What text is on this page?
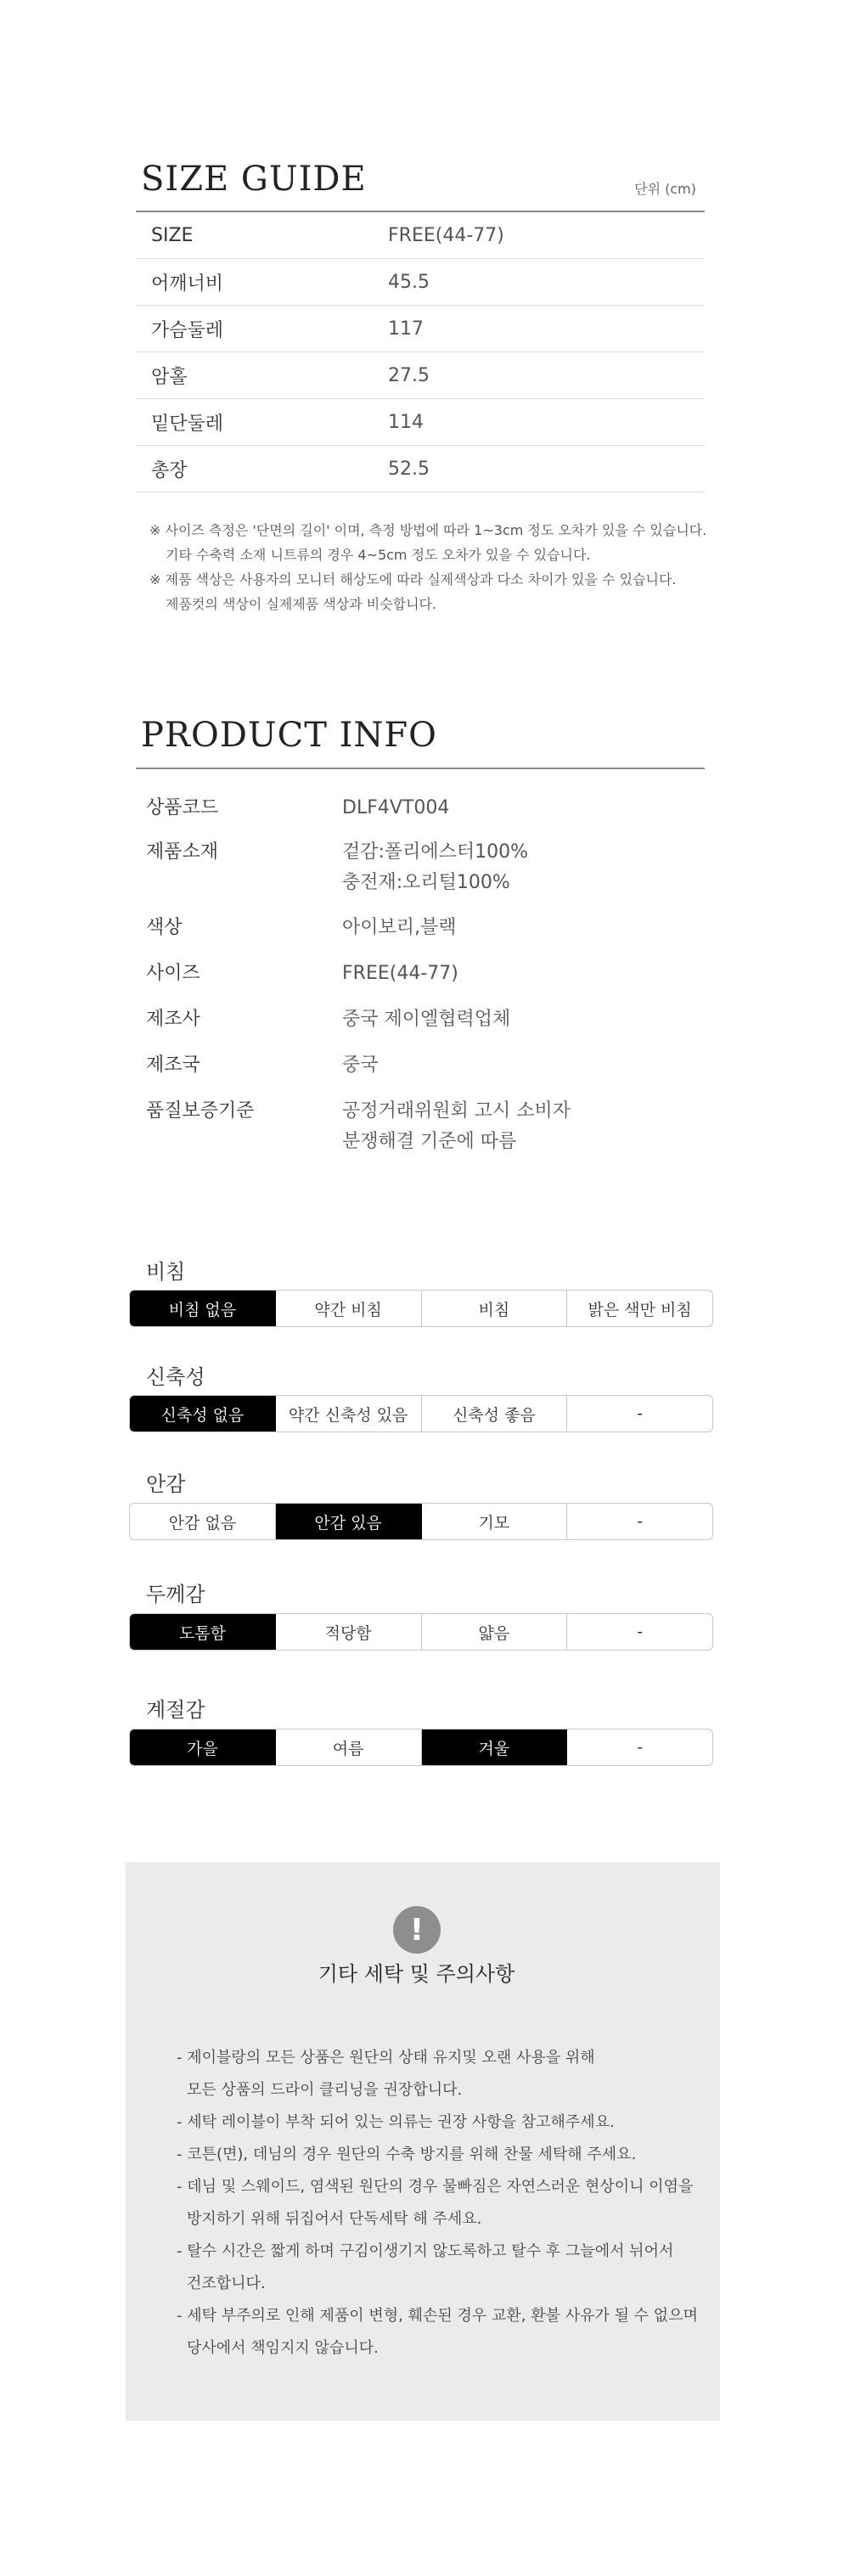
SIZE GUIDE	단위 (cm)
SIZE	FREE(44-77)
어깨너비	45.5
가슴둘레	117
암홀	27.5
밑단둘레	114
총장	52.5
※ 사이즈 측정은 '단면의 길이' 이며, 측정 방법에 따라 1~3cm 정도 오차가 있을 수 있습니다.
기타 수축력 소재 니트류의 경우 4~5cm 정도 오차가 있을 수 있습니다.
※ 제품 색상은 사용자의 모니터 해상도에 따라 실제색상과 다소 차이가 있을 수 있습니다.
제품컷의 색상이 실제제품 색상과 비슷합니다.
PRODUCT INFO
상품코드	DLF4VT004
제품소재	겉감:폴리에스터100%
충전재:오리털100%
색상	아이보리,블랙
사이즈	FREE(44-77)
제조사	중국 제이엘협력업체
제조국	중국
품질보증기준	공정거래위원회 고시 소비자
분쟁해결 기준에 따름
비침
비침 없음	약간 비침	비침	밝은 색만 비침
신축성
신축성 없음	약간 신축성 있음	신축성 좋음	-
안감
안감 없음	안감 있음	기모	-
두께감
도톰함	적당함	얇음	-
계절감
가을	여름	겨울	-
!
기타 세탁 및 주의사항
- 제이블랑의 모든 상품은 원단의 상태 유지및 오랜 사용을 위해
모든 상품의 드라이 클리닝을 권장합니다.
- 세탁 레이블이 부착 되어 있는 의류는 권장 사항을 참고해주세요.
- 코튼(면), 데님의 경우 원단의 수축 방지를 위해 찬물 세탁해 주세요.
- 데님 및 스웨이드, 염색된 원단의 경우 물빠짐은 자연스러운 현상이니 이염을
방지하기 위해 뒤집어서 단독세탁 해 주세요.
- 탈수 시간은 짧게 하며 구김이생기지 않도록하고 탈수 후 그늘에서 뉘어서
건조합니다.
- 세탁 부주의로 인해 제품이 변형, 훼손된 경우 교환, 환불 사유가 될 수 없으며
당사에서 책임지지 않습니다.
